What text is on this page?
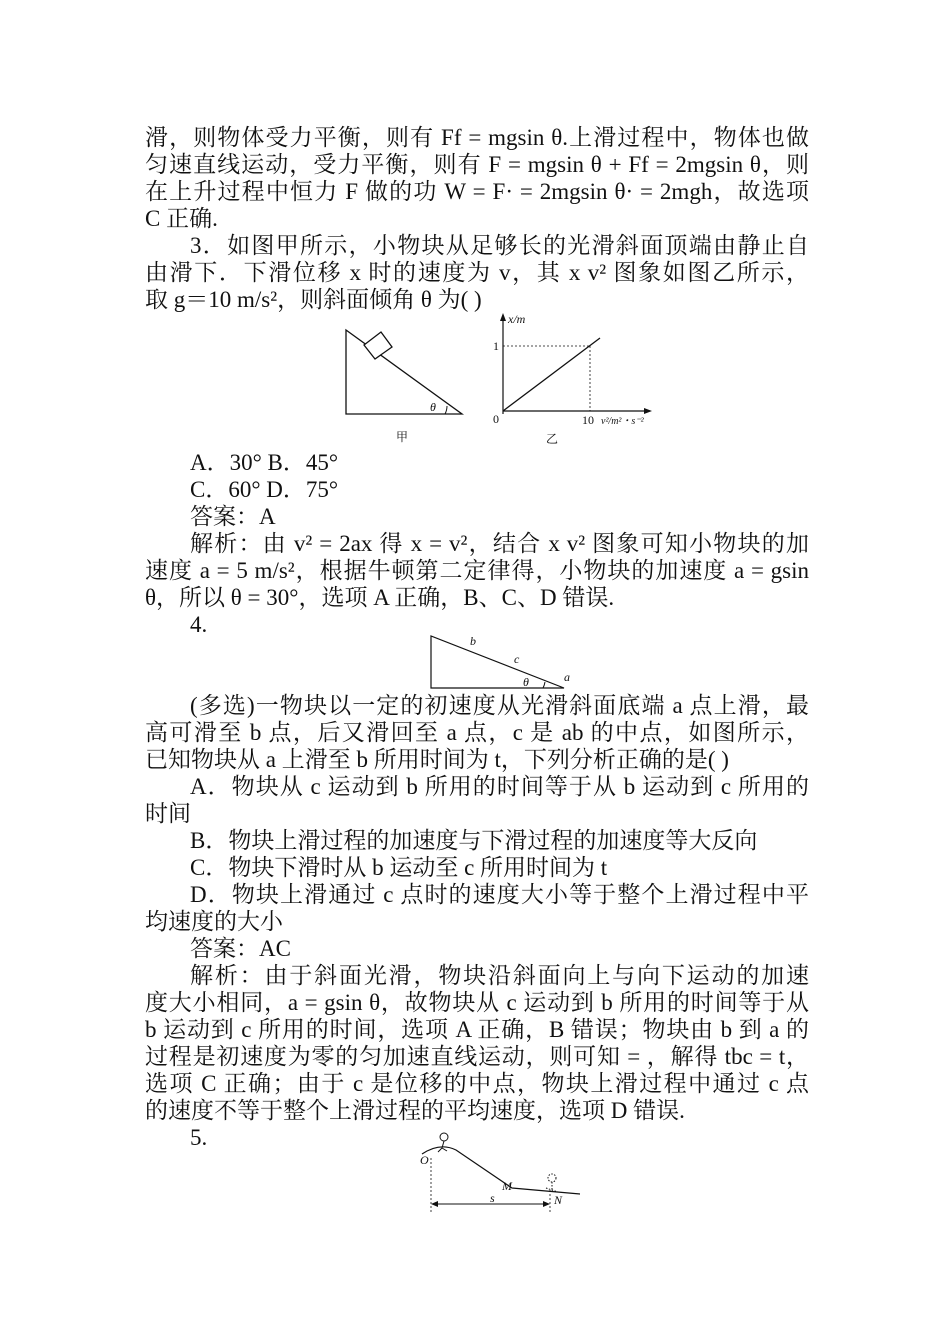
滑，则物体受力平衡，则有 Ff = mgsin θ.上滑过程中，物体也做
匀速直线运动，受力平衡，则有 F = mgsin θ + Ff = 2mgsin θ，则
在上升过程中恒力 F 做的功 W = F· = 2mgsin θ· = 2mgh，故选项
C 正确.
3．如图甲所示，小物块从足够长的光滑斜面顶端由静止自
由滑下．下滑位移 x 时的速度为 v，其 x v² 图象如图乙所示，
取 g＝10 m/s²，则斜面倾角 θ 为( )
θ
甲
x/m
1
0	10 v²/m²・s⁻²
乙
A．30° B．45°
C．60° D．75°
答案：A
解析：由 v² = 2ax 得 x = v²，结合 x v² 图象可知小物块的加
速度 a = 5 m/s²，根据牛顿第二定律得，小物块的加速度 a = gsin
θ，所以 θ = 30°，选项 A 正确，B、C、D 错误.
4.
b
c
θ	a
(多选)一物块以一定的初速度从光滑斜面底端 a 点上滑，最
高可滑至 b 点，后又滑回至 a 点，c 是 ab 的中点，如图所示，
已知物块从 a 上滑至 b 所用时间为 t，下列分析正确的是( )
A．物块从 c 运动到 b 所用的时间等于从 b 运动到 c 所用的
时间
B．物块上滑过程的加速度与下滑过程的加速度等大反向
C．物块下滑时从 b 运动至 c 所用时间为 t
D．物块上滑通过 c 点时的速度大小等于整个上滑过程中平
均速度的大小
答案：AC
解析：由于斜面光滑，物块沿斜面向上与向下运动的加速
度大小相同，a = gsin θ，故物块从 c 运动到 b 所用的时间等于从
b 运动到 c 所用的时间，选项 A 正确，B 错误；物块由 b 到 a 的
过程是初速度为零的匀加速直线运动，则可知 = ，解得 tbc = t，
选项 C 正确；由于 c 是位移的中点，物块上滑过程中通过 c 点
的速度不等于整个上滑过程的平均速度，选项 D 错误.
5.
O
M
N
s
